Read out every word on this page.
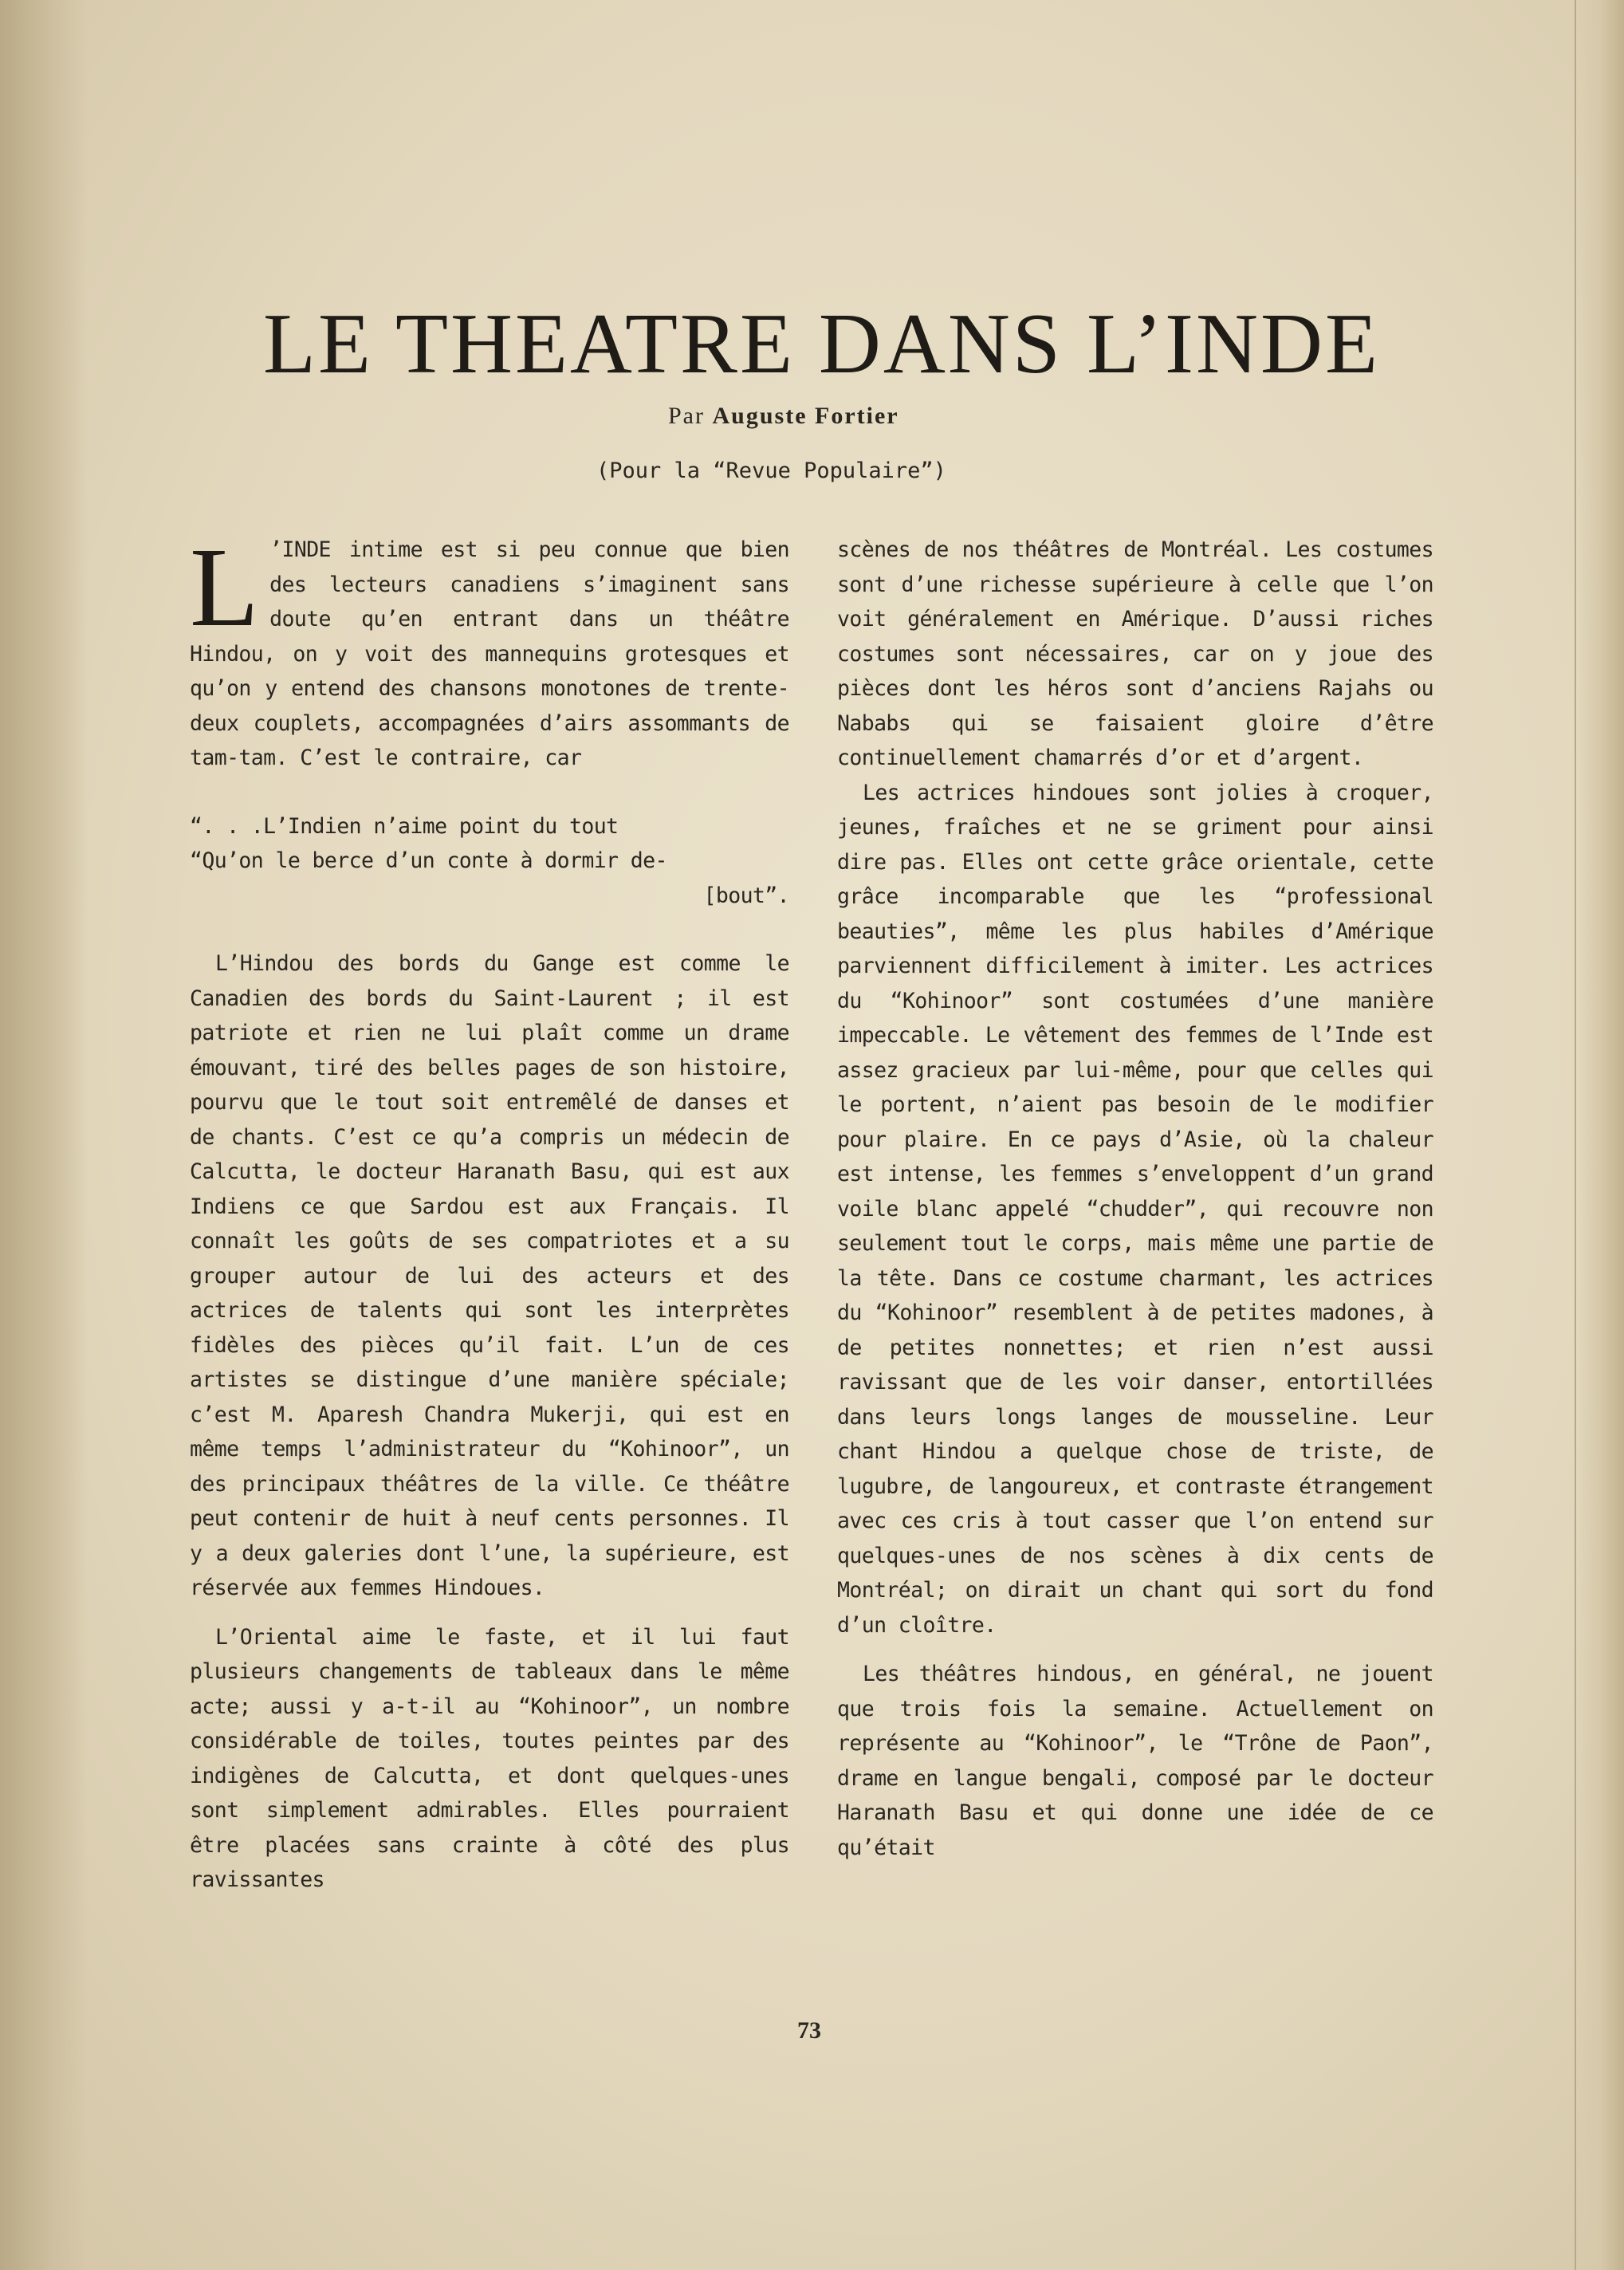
LE THEATRE DANS L’INDE
Par Auguste Fortier
(Pour la “Revue Populaire”)

L ’INDE intime est si peu connue que bien des lecteurs canadiens s’imaginent sans doute qu’en entrant dans un théâtre Hindou, on y voit des mannequins grotesques et qu’on y entend des chansons monotones de trente-deux couplets, accompagnées d’airs assommants de tam-tam. C’est le contraire, car

“. . .L’Indien n’aime point du tout

“Qu’on le berce d’un conte à dormir de-

[bout”.

L’Hindou des bords du Gange est comme le Canadien des bords du Saint-Laurent ; il est patriote et rien ne lui plaît comme un drame émouvant, tiré des belles pages de son histoire, pourvu que le tout soit entremêlé de danses et de chants. C’est ce qu’a compris un médecin de Calcutta, le docteur Haranath Basu, qui est aux Indiens ce que Sardou est aux Français. Il connaît les goûts de ses compatriotes et a su grouper autour de lui des acteurs et des actrices de talents qui sont les interprètes fidèles des pièces qu’il fait. L’un de ces artistes se distingue d’une manière spéciale; c’est M. Aparesh Chandra Mukerji, qui est en même temps l’administrateur du “Kohinoor”, un des principaux théâtres de la ville. Ce théâtre peut contenir de huit à neuf cents personnes. Il y a deux galeries dont l’une, la supérieure, est réservée aux femmes Hindoues.

L’Oriental aime le faste, et il lui faut plusieurs changements de tableaux dans le même acte; aussi y a-t-il au “Kohinoor”, un nombre considérable de toiles, toutes peintes par des indigènes de Calcutta, et dont quelques-unes sont simplement admirables. Elles pourraient être placées sans crainte à côté des plus ravissantes

scènes de nos théâtres de Montréal. Les costumes sont d’une richesse supérieure à celle que l’on voit généralement en Amérique. D’aussi riches costumes sont nécessaires, car on y joue des pièces dont les héros sont d’anciens Rajahs ou Nababs qui se faisaient gloire d’être continuellement chamarrés d’or et d’argent.

Les actrices hindoues sont jolies à croquer, jeunes, fraîches et ne se griment pour ainsi dire pas. Elles ont cette grâce orientale, cette grâce incomparable que les “professional beauties”, même les plus habiles d’Amérique parviennent difficilement à imiter. Les actrices du “Kohinoor” sont costumées d’une manière impeccable. Le vêtement des femmes de l’Inde est assez gracieux par lui-même, pour que celles qui le portent, n’aient pas besoin de le modifier pour plaire. En ce pays d’Asie, où la chaleur est intense, les femmes s’enveloppent d’un grand voile blanc appelé “chudder”, qui recouvre non seulement tout le corps, mais même une partie de la tête. Dans ce costume charmant, les actrices du “Kohinoor” resemblent à de petites madones, à de petites nonnettes; et rien n’est aussi ravissant que de les voir danser, entortillées dans leurs longs langes de mousseline. Leur chant Hindou a quelque chose de triste, de lugubre, de langoureux, et contraste étrangement avec ces cris à tout casser que l’on entend sur quelques-unes de nos scènes à dix cents de Montréal; on dirait un chant qui sort du fond d’un cloître.

Les théâtres hindous, en général, ne jouent que trois fois la semaine. Actuellement on représente au “Kohinoor”, le “Trône de Paon”, drame en langue bengali, composé par le docteur Haranath Basu et qui donne une idée de ce qu’était

73
